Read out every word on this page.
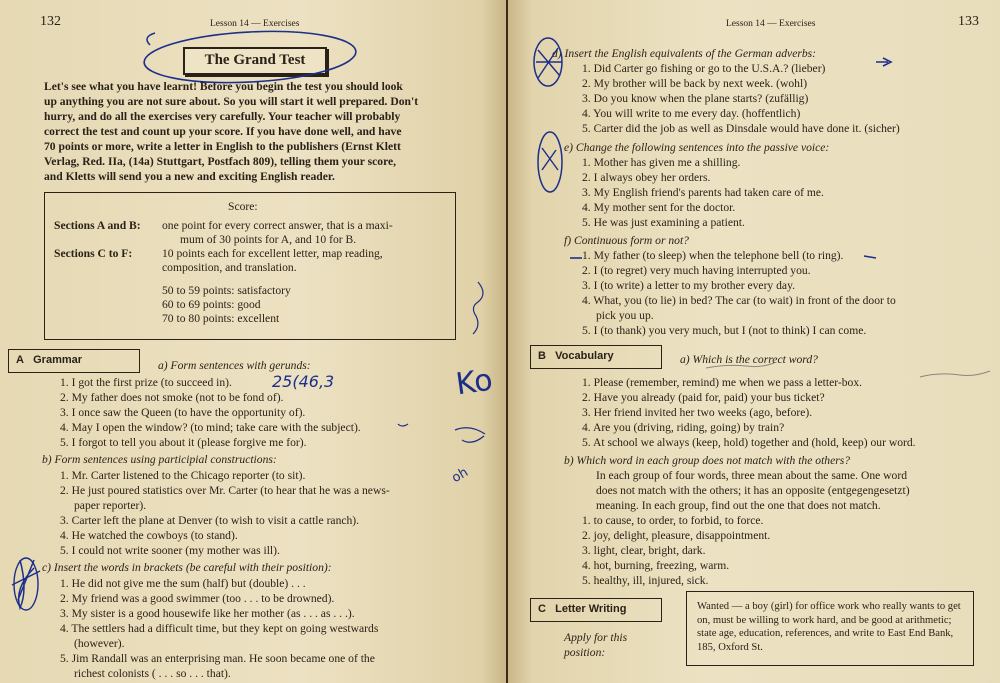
132	Lesson 14 — Exercises
The Grand Test
Let's see what you have learnt! Before you begin the test you should look
up anything you are not sure about. So you will start it well prepared. Don't
hurry, and do all the exercises very carefully. Your teacher will probably
correct the test and count up your score. If you have done well, and have
70 points or more, write a letter in English to the publishers (Ernst Klett
Verlag, Red. IIa, (14a) Stuttgart, Postfach 809), telling them your score,
and Kletts will send you a new and exciting English reader.
Score:
Sections A and B: one point for every correct answer, that is a maxi-
mum of 30 points for A, and 10 for B.
Sections C to F:	10 points each for excellent letter, map reading,
composition, and translation.
50 to 59 points: satisfactory
60 to 69 points: good
70 to 80 points: excellent
A Grammar	a) Form sentences with gerunds:
1. I got the first prize (to succeed in).
2. My father does not smoke (not to be fond of).
3. I once saw the Queen (to have the opportunity of).
4. May I open the window? (to mind; take care with the subject).
5. I forgot to tell you about it (please forgive me for).
b) Form sentences using participial constructions:
1. Mr. Carter listened to the Chicago reporter (to sit).
2. He just poured statistics over Mr. Carter (to hear that he was a news-
paper reporter).
3. Carter left the plane at Denver (to wish to visit a cattle ranch).
4. He watched the cowboys (to stand).
5. I could not write sooner (my mother was ill).
c) Insert the words in brackets (be careful with their position):
1. He did not give me the sum (half) but (double) . . .
2. My friend was a good swimmer (too . . . to be drowned).
3. My sister is a good housewife like her mother (as . . . as . . .).
4. The settlers had a difficult time, but they kept on going westwards
(however).
5. Jim Randall was an enterprising man. He soon became one of the
richest colonists ( . . . so . . . that).
25(46,3	Ko
oh
Lesson 14 — Exercises	133
d) Insert the English equivalents of the German adverbs:
1. Did Carter go fishing or go to the U.S.A.? (lieber)
2. My brother will be back by next week. (wohl)
3. Do you know when the plane starts? (zufällig)
4. You will write to me every day. (hoffentlich)
5. Carter did the job as well as Dinsdale would have done it. (sicher)
e) Change the following sentences into the passive voice:
1. Mother has given me a shilling.
2. I always obey her orders.
3. My English friend's parents had taken care of me.
4. My mother sent for the doctor.
5. He was just examining a patient.
f) Continuous form or not?
1. My father (to sleep) when the telephone bell (to ring).
2. I (to regret) very much having interrupted you.
3. I (to write) a letter to my brother every day.
4. What, you (to lie) in bed? The car (to wait) in front of the door to
pick you up.
5. I (to thank) you very much, but I (not to think) I can come.
B Vocabulary	a) Which is the correct word?
1. Please (remember, remind) me when we pass a letter-box.
2. Have you already (paid for, paid) your bus ticket?
3. Her friend invited her two weeks (ago, before).
4. Are you (driving, riding, going) by train?
5. At school we always (keep, hold) together and (hold, keep) our word.
b) Which word in each group does not match with the others?
In each group of four words, three mean about the same. One word
does not match with the others; it has an opposite (entgegengesetzt)
meaning. In each group, find out the one that does not match.
1. to cause, to order, to forbid, to force.
2. joy, delight, pleasure, disappointment.
3. light, clear, bright, dark.
4. hot, burning, freezing, warm.
5. healthy, ill, injured, sick.
C Letter Writing
Apply for this
position:
Wanted — a boy (girl) for office work who really wants to get on, must be willing to work hard, and be good at arithmetic; state age, education, references, and write to East End Bank, 185, Oxford St.
